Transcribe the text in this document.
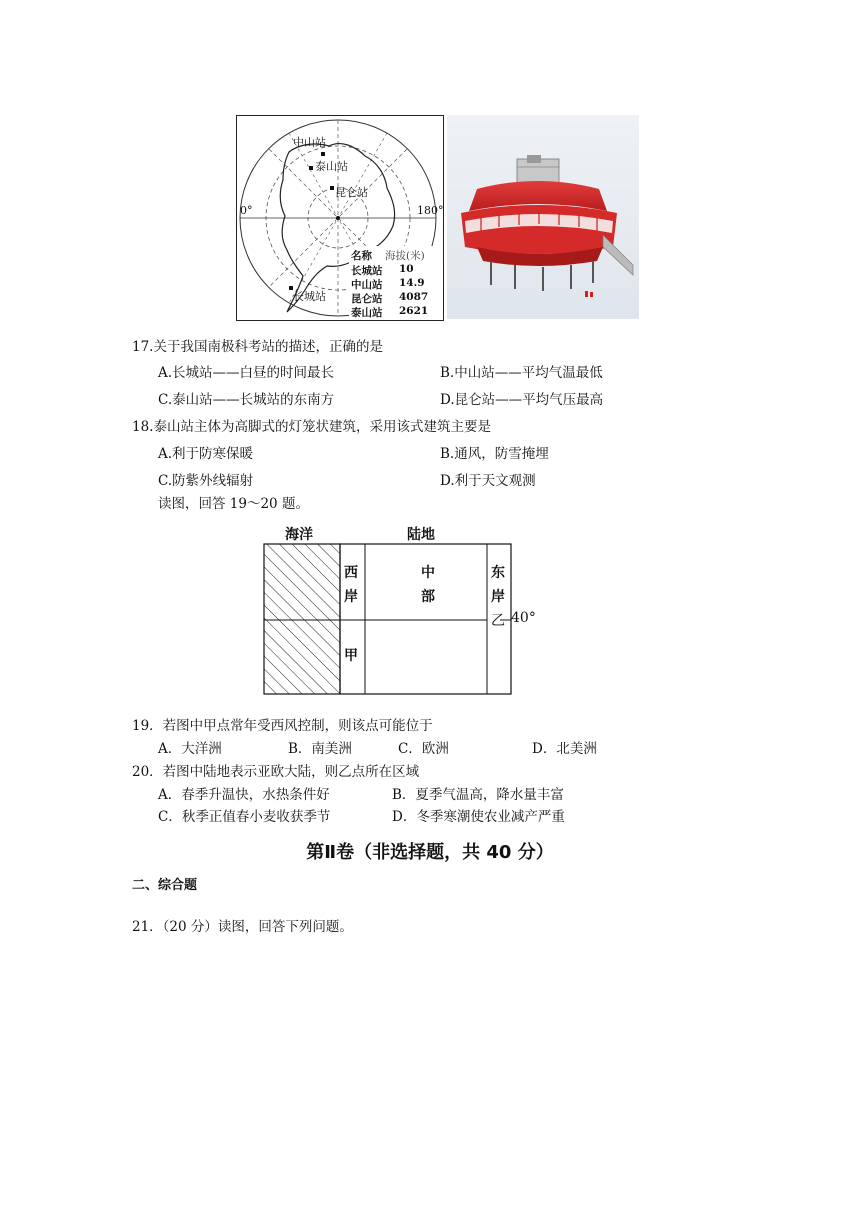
中山站
泰山站
昆仑站
0°	180°
长城站
名称 海拔(米)
长城站 10
中山站 14.9
昆仑站 4087
泰山站 2621
17.关于我国南极科考站的描述，正确的是
A.长城站——白昼的时间最长	B.中山站——平均气温最低
C.泰山站——长城站的东南方	D.昆仑站——平均气压最高
18.泰山站主体为高脚式的灯笼状建筑，采用该式建筑主要是
A.利于防寒保暖	B.通风，防雪掩埋
C.防紫外线辐射	D.利于天文观测
读图，回答 19～20 题。
海洋	陆地
西
岸
中
部
东
岸
乙 40°
甲
19．若图中甲点常年受西风控制，则该点可能位于
A．大洋洲	B．南美洲	C．欧洲	D．北美洲
20．若图中陆地表示亚欧大陆，则乙点所在区域
A．春季升温快，水热条件好	B．夏季气温高，降水量丰富
C．秋季正值春小麦收获季节	D．冬季寒潮使农业减产严重
第Ⅱ卷（非选择题，共 40 分）
二、综合题
21．（20 分）读图，回答下列问题。
